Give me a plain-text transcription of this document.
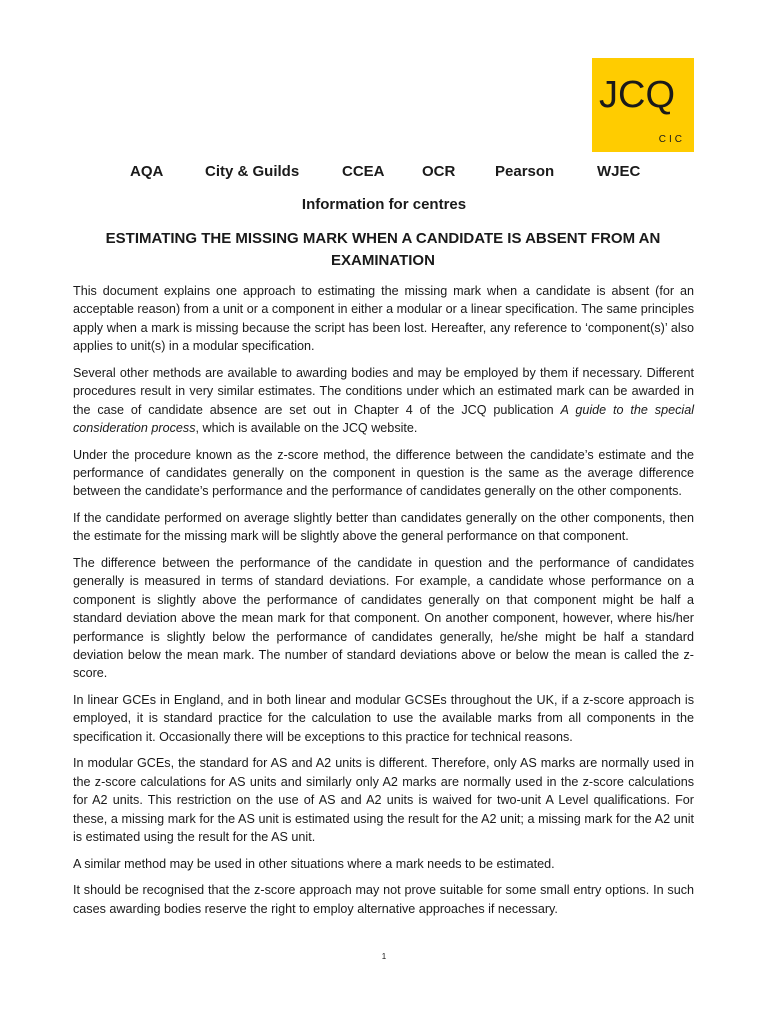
JCQ
CIC
AQA	City & Guilds	CCEA OCR	Pearson	WJEC
Information for centres
ESTIMATING THE MISSING MARK WHEN A CANDIDATE IS ABSENT FROM AN EXAMINATION

This document explains one approach to estimating the missing mark when a candidate is absent (for an acceptable reason) from a unit or a component in either a modular or a linear specification. The same principles apply when a mark is missing because the script has been lost. Hereafter, any reference to ‘component(s)’ also applies to unit(s) in a modular specification.

Several other methods are available to awarding bodies and may be employed by them if necessary. Different procedures result in very similar estimates. The conditions under which an estimated mark can be awarded in the case of candidate absence are set out in Chapter 4 of the JCQ publication A guide to the special consideration process, which is available on the JCQ website.

Under the procedure known as the z-score method, the difference between the candidate’s estimate and the performance of candidates generally on the component in question is the same as the average difference between the candidate’s performance and the performance of candidates generally on the other components.

If the candidate performed on average slightly better than candidates generally on the other components, then the estimate for the missing mark will be slightly above the general performance on that component.

The difference between the performance of the candidate in question and the performance of candidates generally is measured in terms of standard deviations. For example, a candidate whose performance on a component is slightly above the performance of candidates generally on that component might be half a standard deviation above the mean mark for that component. On another component, however, where his/her performance is slightly below the performance of candidates generally, he/she might be half a standard deviation below the mean mark. The number of standard deviations above or below the mean is called the z-score.

In linear GCEs in England, and in both linear and modular GCSEs throughout the UK, if a z-score approach is employed, it is standard practice for the calculation to use the available marks from all components in the specification it. Occasionally there will be exceptions to this practice for technical reasons.

In modular GCEs, the standard for AS and A2 units is different. Therefore, only AS marks are normally used in the z-score calculations for AS units and similarly only A2 marks are normally used in the z-score calculations for A2 units. This restriction on the use of AS and A2 units is waived for two-unit A Level qualifications. For these, a missing mark for the AS unit is estimated using the result for the A2 unit; a missing mark for the A2 unit is estimated using the result for the AS unit.

A similar method may be used in other situations where a mark needs to be estimated.

It should be recognised that the z-score approach may not prove suitable for some small entry options. In such cases awarding bodies reserve the right to employ alternative approaches if necessary.

1
